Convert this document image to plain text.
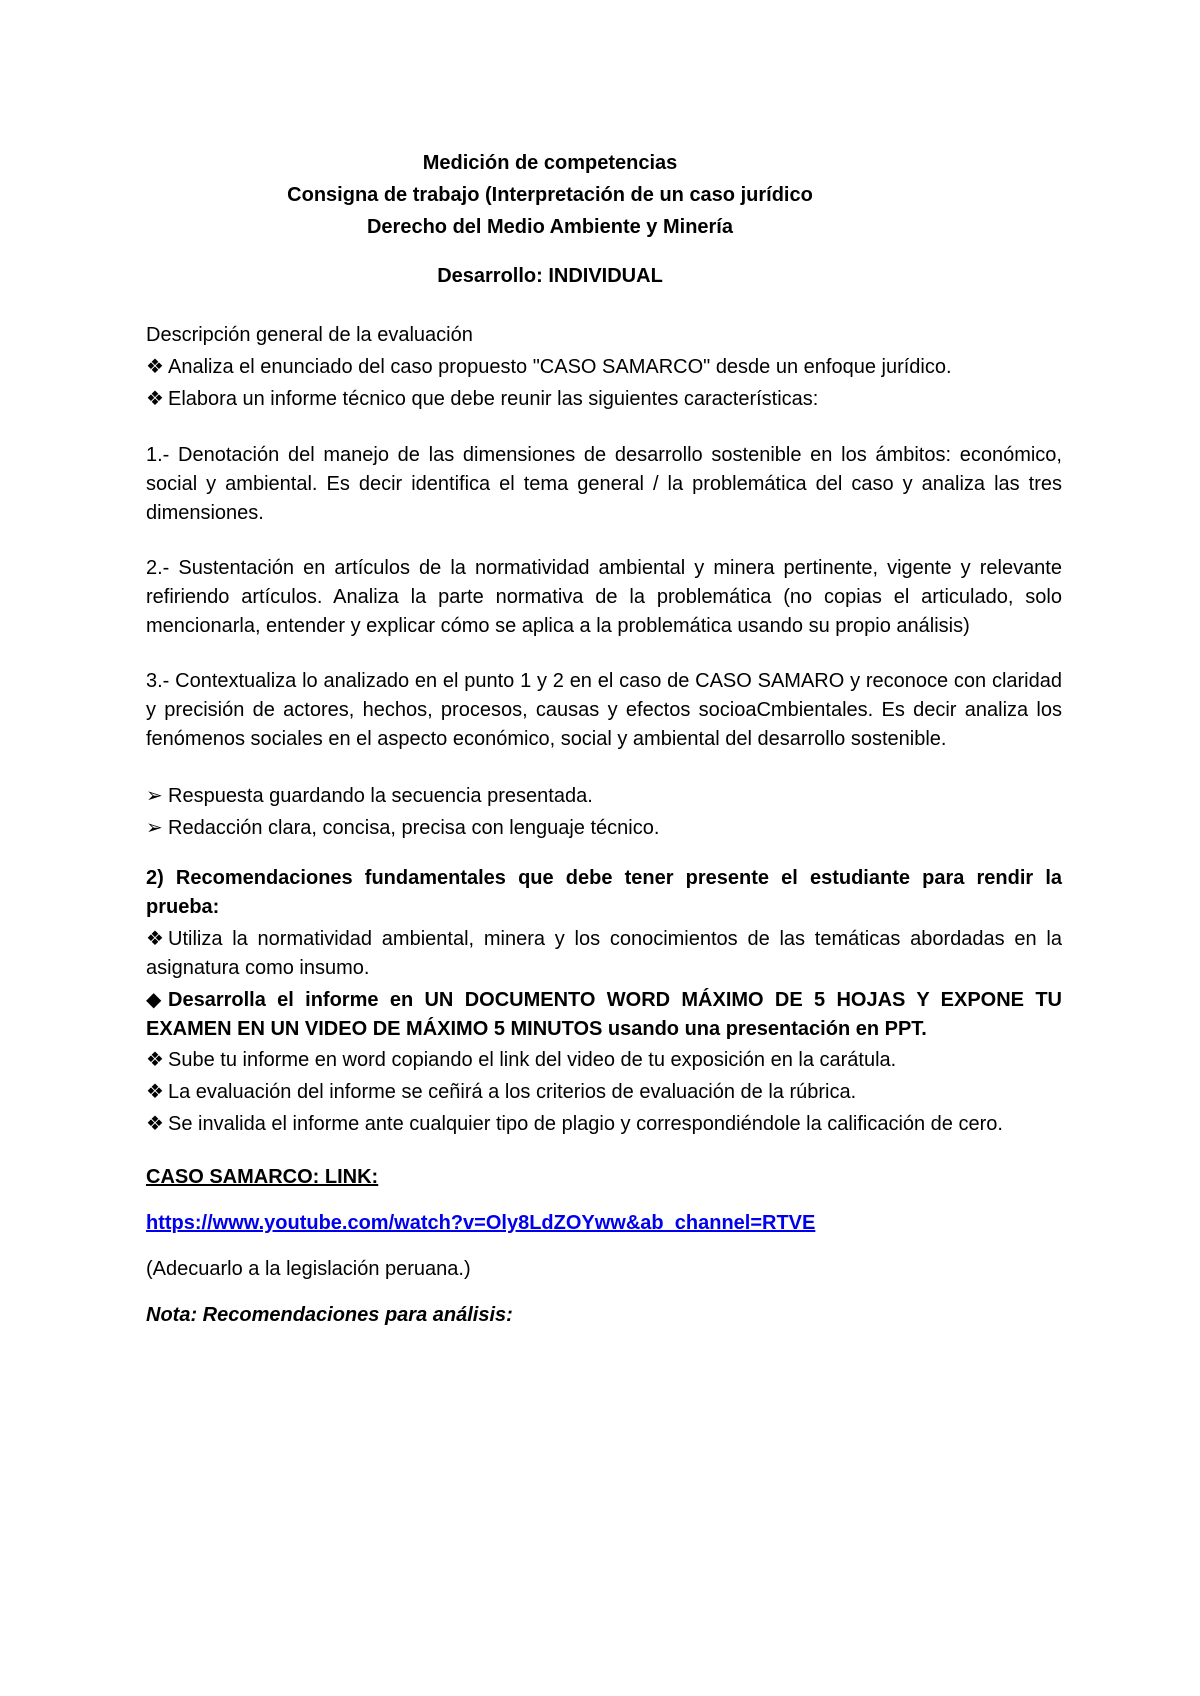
Medición de competencias
Consigna de trabajo (Interpretación de un caso jurídico
Derecho del Medio Ambiente y Minería
Desarrollo: INDIVIDUAL
Descripción general de la evaluación
❖ Analiza el enunciado del caso propuesto "CASO SAMARCO" desde un enfoque jurídico.
❖ Elabora un informe técnico que debe reunir las siguientes características:
1.- Denotación del manejo de las dimensiones de desarrollo sostenible en los ámbitos: económico, social y ambiental. Es decir identifica el tema general / la problemática del caso y analiza las tres dimensiones.
2.- Sustentación en artículos de la normatividad ambiental y minera pertinente, vigente y relevante refiriendo artículos. Analiza la parte normativa de la problemática (no copias el articulado, solo mencionarla, entender y explicar cómo se aplica a la problemática usando su propio análisis)
3.- Contextualiza lo analizado en el punto 1 y 2 en el caso de CASO SAMARO y reconoce con claridad y precisión de actores, hechos, procesos, causas y efectos socioaCmbientales. Es decir analiza los fenómenos sociales en el aspecto económico, social y ambiental del desarrollo sostenible.
➢ Respuesta guardando la secuencia presentada.
➢ Redacción clara, concisa, precisa con lenguaje técnico.
2) Recomendaciones fundamentales que debe tener presente el estudiante para rendir la prueba:
❖ Utiliza la normatividad ambiental, minera y los conocimientos de las temáticas abordadas en la asignatura como insumo.
◆ Desarrolla el informe en UN DOCUMENTO WORD MÁXIMO DE 5 HOJAS Y EXPONE TU EXAMEN EN UN VIDEO DE MÁXIMO 5 MINUTOS usando una presentación en PPT.
❖ Sube tu informe en word copiando el link del video de tu exposición en la carátula.
❖ La evaluación del informe se ceñirá a los criterios de evaluación de la rúbrica.
❖ Se invalida el informe ante cualquier tipo de plagio y correspondiéndole la calificación de cero.
CASO SAMARCO: LINK:
https://www.youtube.com/watch?v=Oly8LdZOYww&ab_channel=RTVE
(Adecuarlo a la legislación peruana.)
Nota: Recomendaciones para análisis:
